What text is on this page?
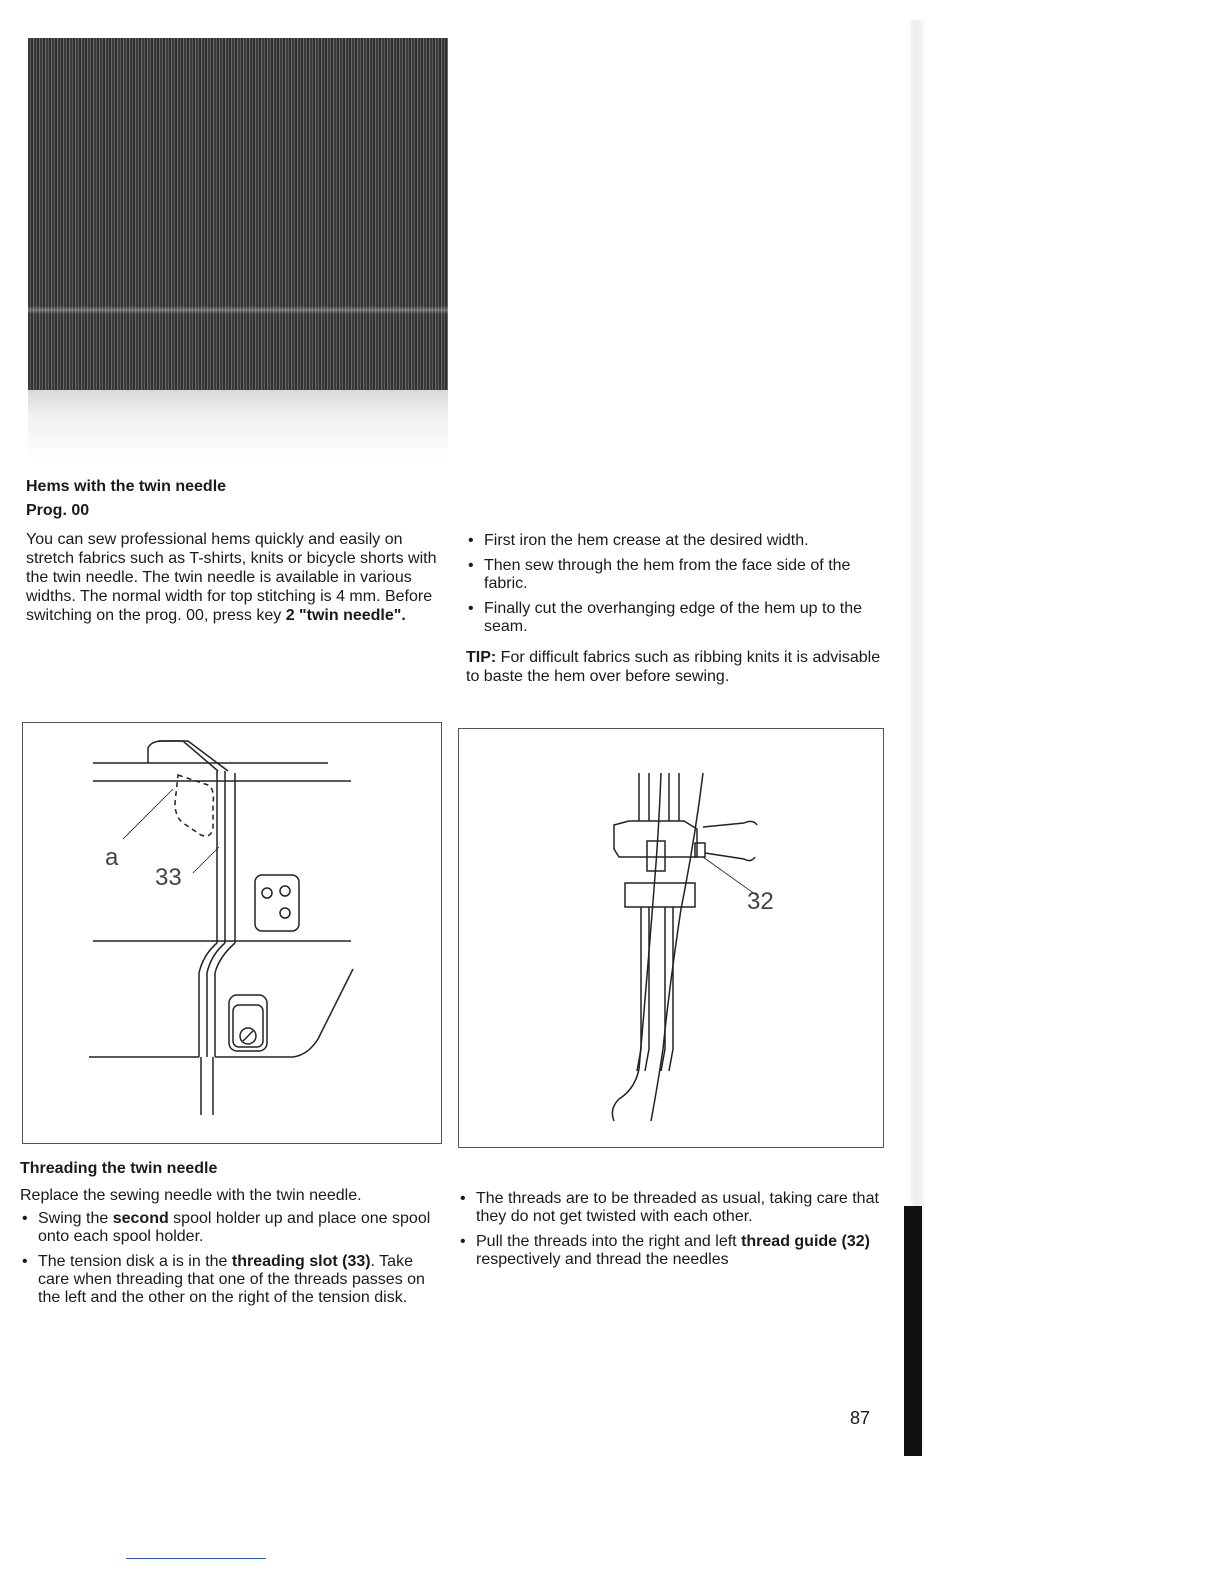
Hems with the twin needle
Prog. 00
You can sew professional hems quickly and easily on stretch fabrics such as T-shirts, knits or bicycle shorts with the twin needle. The twin needle is available in various widths. The normal width for top stitching is 4 mm. Before switching on the prog. 00, press key 2 "twin needle".
• First iron the hem crease at the desired width.
• Then sew through the hem from the face side of the fabric.
• Finally cut the overhanging edge of the hem up to the seam.
TIP: For difficult fabrics such as ribbing knits it is advisable to baste the hem over before sewing.
a
33
32
Threading the twin needle
Replace the sewing needle with the twin needle.
• Swing the second spool holder up and place one spool onto each spool holder.
• The tension disk a is in the threading slot (33). Take care when threading that one of the threads passes on the left and the other on the right of the tension disk.
• The threads are to be threaded as usual, taking care that they do not get twisted with each other.
• Pull the threads into the right and left thread guide (32) respectively and thread the needles
87
